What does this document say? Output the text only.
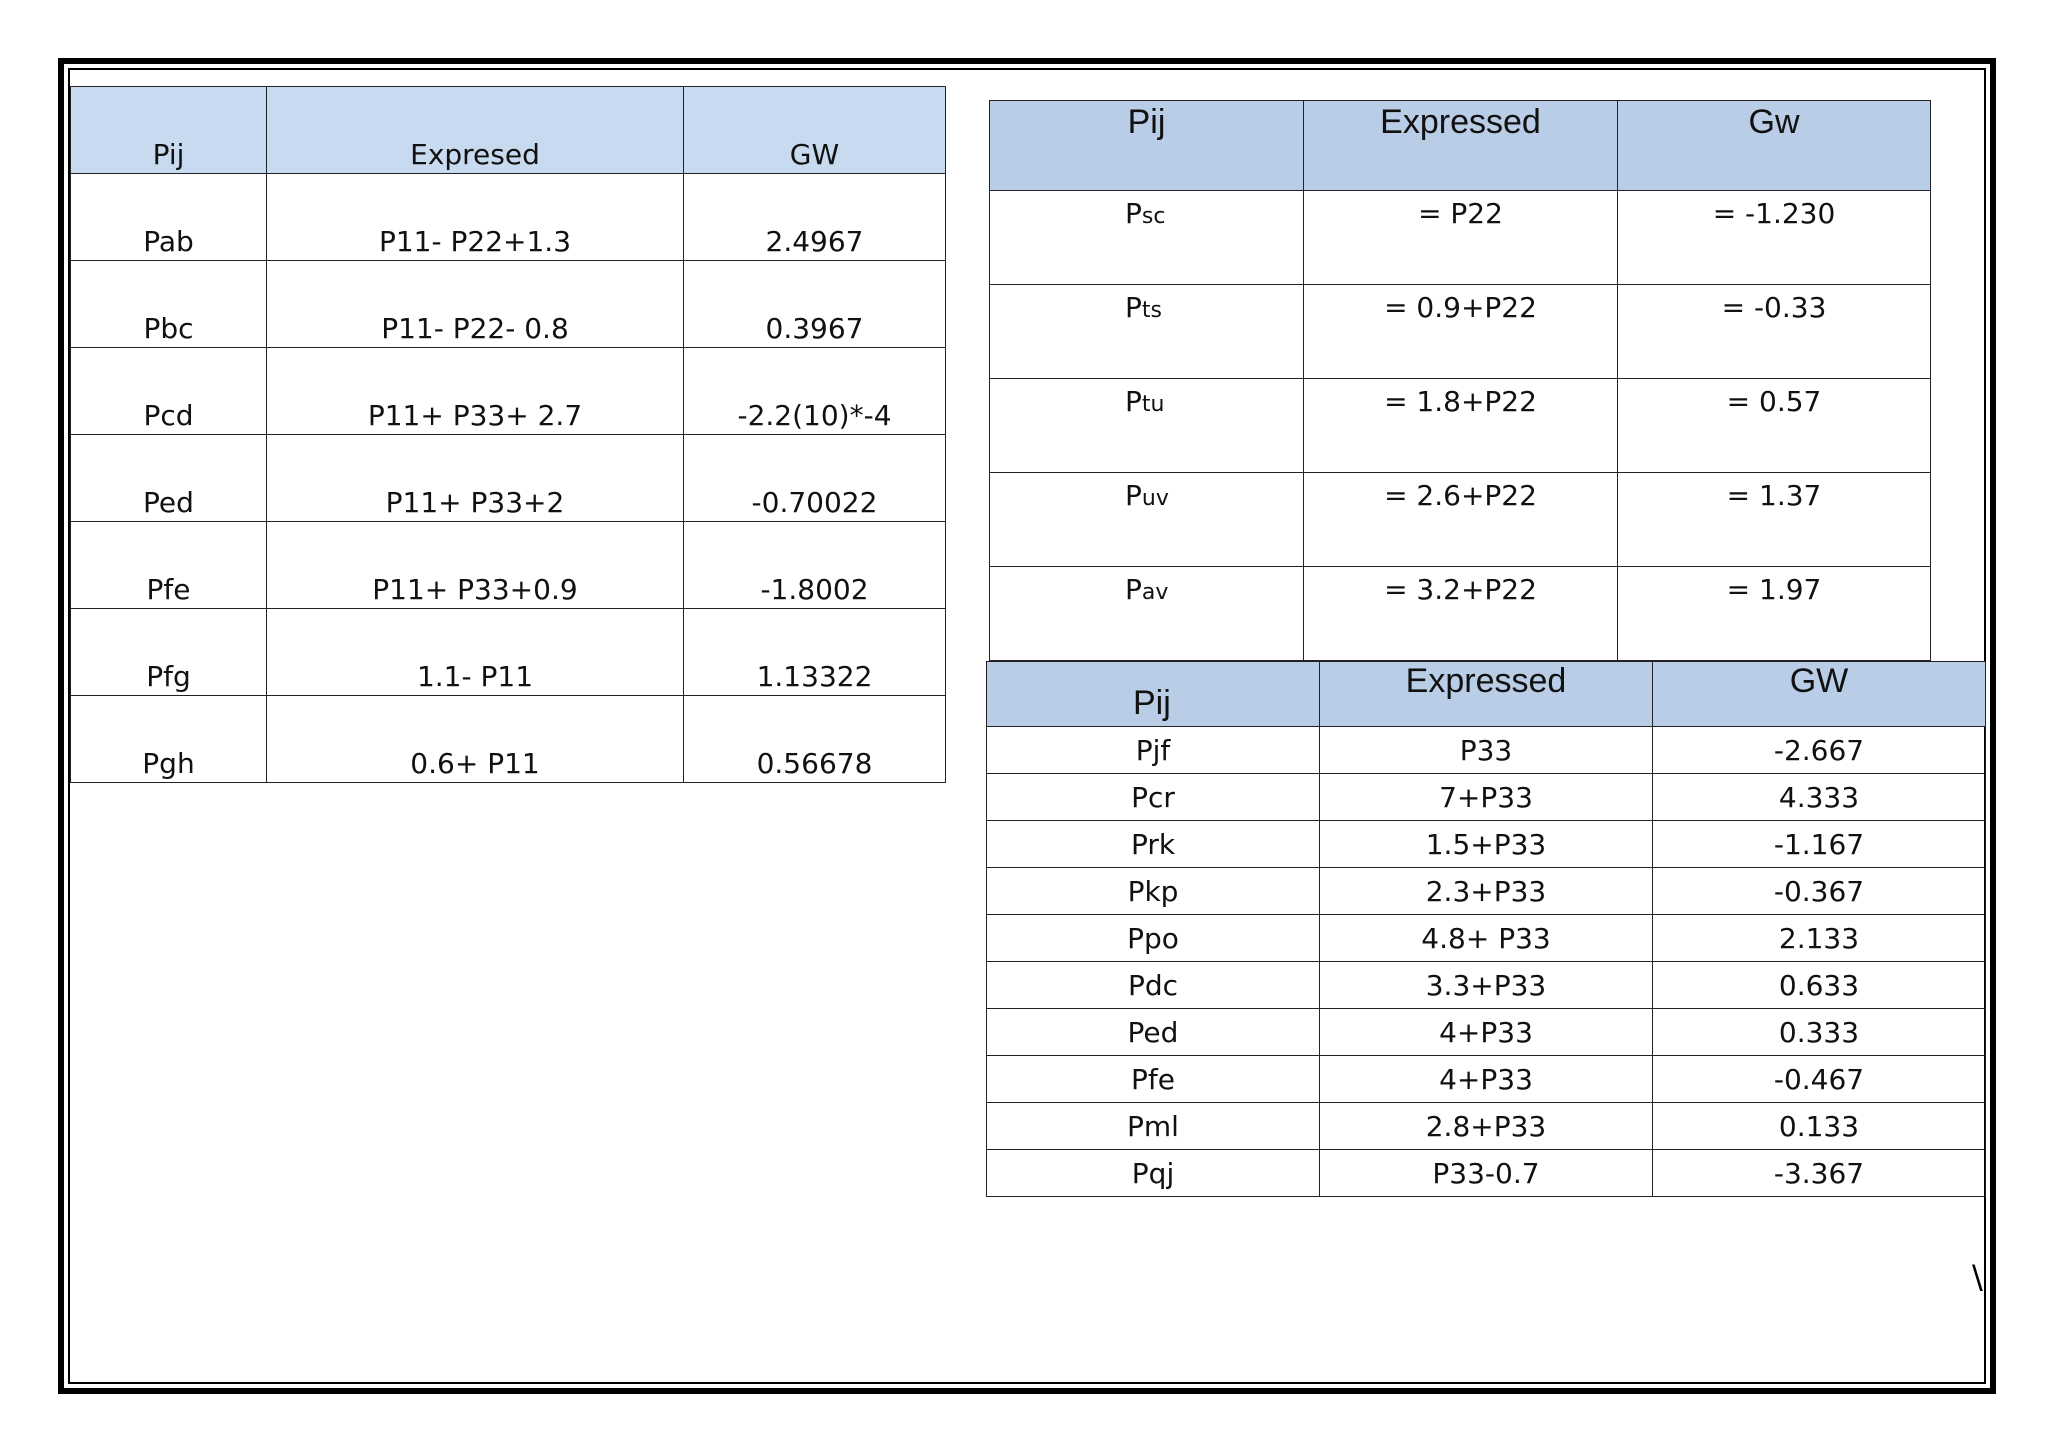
Pij	Expresed	GW
Pab	P11- P22+1.3	2.4967
Pbc	P11- P22- 0.8	0.3967
Pcd	P11+ P33+ 2.7	-2.2(10)*-4
Ped	P11+ P33+2	-0.70022
Pfe	P11+ P33+0.9	-1.8002
Pfg	1.1- P11	1.13322
Pgh	0.6+ P11	0.56678
Pij	Expressed	Gw
Psc	= P22	= -1.230
Pts	= 0.9+P22	= -0.33
Ptu	= 1.8+P22	= 0.57
Puv	= 2.6+P22	= 1.37
Pav	= 3.2+P22	= 1.97
Pij	Expressed	GW

Pjf	P33	-2.667
Pcr	7+P33	4.333
Prk	1.5+P33	-1.167
Pkp	2.3+P33	-0.367
Ppo	4.8+ P33	2.133
Pdc	3.3+P33	0.633
Ped	4+P33	0.333
Pfe	4+P33	-0.467
Pml	2.8+P33	0.133
Pqj	P33-0.7	-3.367
\
